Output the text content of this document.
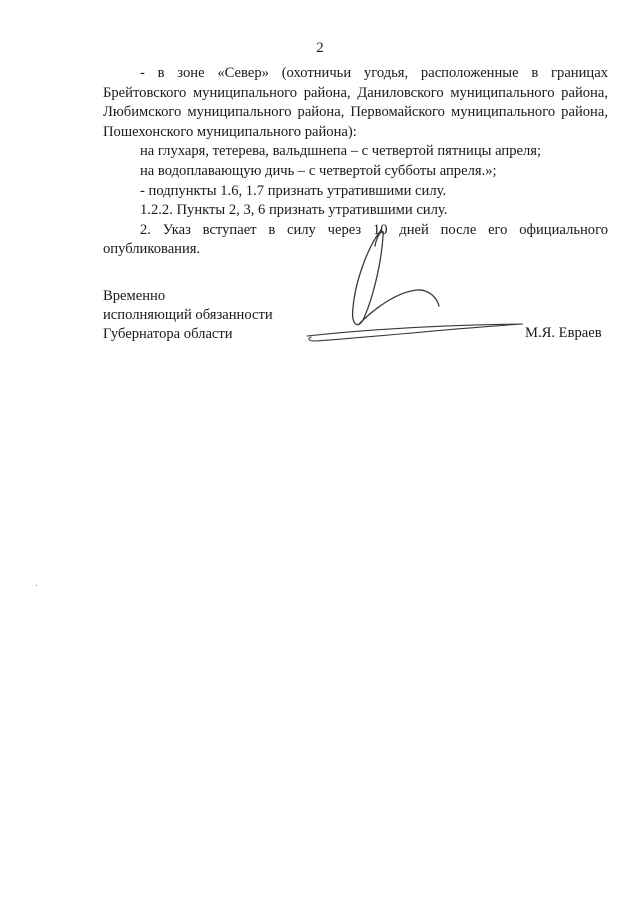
2

- в зоне «Север» (охотничьи угодья, расположенные в границах Брейтовского муниципального района, Даниловского муниципального района, Любимского муниципального района, Первомайского муниципального района, Пошехонского муниципального района):

на глухаря, тетерева, вальдшнепа – с четвертой пятницы апреля;

на водоплавающую дичь – с четвертой субботы апреля.»;

- подпункты 1.6, 1.7 признать утратившими силу.

1.2.2. Пункты 2, 3, 6 признать утратившими силу.

2. Указ вступает в силу через 10 дней после его официального опубликования.

Временно
исполняющий обязанности
Губернатора области	М.Я. Евраев
